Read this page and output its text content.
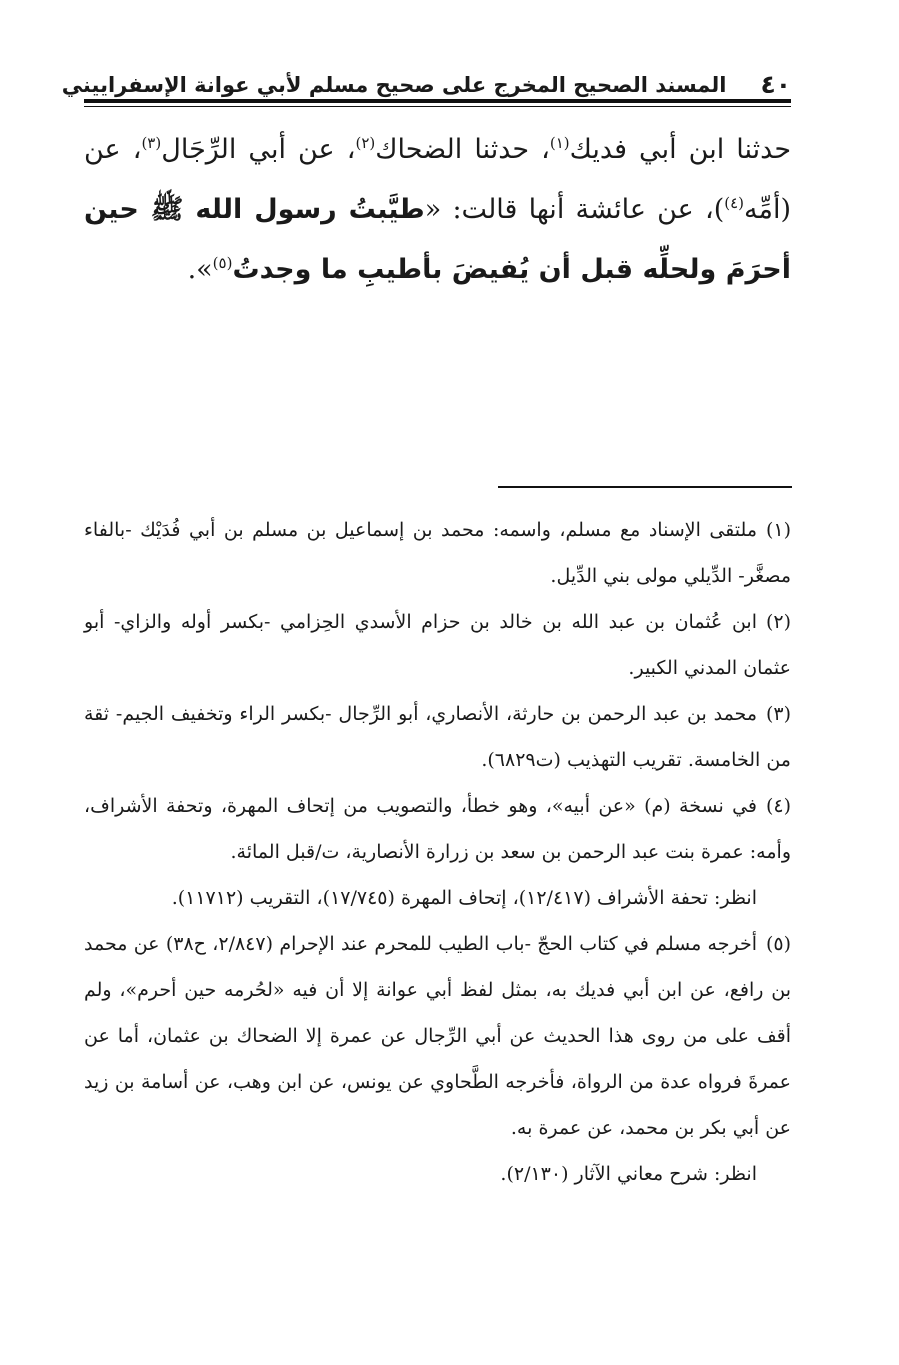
٤٠
المسند الصحيح المخرج على صحيح مسلم لأبي عوانة الإسفراييني
حدثنا ابن أبي فديك$^{(١)}$، حدثنا الضحاك$^{(٢)}$، عن أبي الرِّجَال$^{(٣)}$، عن (أمِّه$^{(٤)}$)، عن عائشة أنها قالت: «طيَّبتُ رسول الله ﷺ حين أحرَمَ ولحلِّه قبل أن يُفيضَ بأطيبِ ما وجدتُ$^{(٥)}$».
(١)ملتقى الإسناد مع مسلم، واسمه: محمد بن إسماعيل بن مسلم بن أبي فُدَيْك -بالفاء مصغَّر- الدِّيلي مولى بني الدِّيل.
(٢)ابن عُثمان بن عبد الله بن خالد بن حزام الأسدي الحِزامي -بكسر أوله والزاي- أبو عثمان المدني الكبير.
(٣)محمد بن عبد الرحمن بن حارثة، الأنصاري، أبو الرِّجال -بكسر الراء وتخفيف الجيم- ثقة من الخامسة. تقريب التهذيب (ت٦٨٢٩).
(٤)في نسخة (م) «عن أبيه»، وهو خطأ، والتصويب من إتحاف المهرة، وتحفة الأشراف، وأمه: عمرة بنت عبد الرحمن بن سعد بن زرارة الأنصارية، ت/قبل المائة.
انظر: تحفة الأشراف (١٢/٤١٧)، إتحاف المهرة (١٧/٧٤٥)، التقريب (١١٧١٢).
(٥)أخرجه مسلم في كتاب الحجّ -باب الطيب للمحرم عند الإحرام (٢/٨٤٧، ح٣٨) عن محمد بن رافع، عن ابن أبي فديك به، بمثل لفظ أبي عوانة إلا أن فيه «لحُرمه حين أحرم»، ولم أقف على من روى هذا الحديث عن أبي الرِّجال عن عمرة إلا الضحاك بن عثمان، أما عن عمرةَ فرواه عدة من الرواة، فأخرجه الطَّحاوي عن يونس، عن ابن وهب، عن أسامة بن زيد عن أبي بكر بن محمد، عن عمرة به.
انظر: شرح معاني الآثار (٢/١٣٠).
